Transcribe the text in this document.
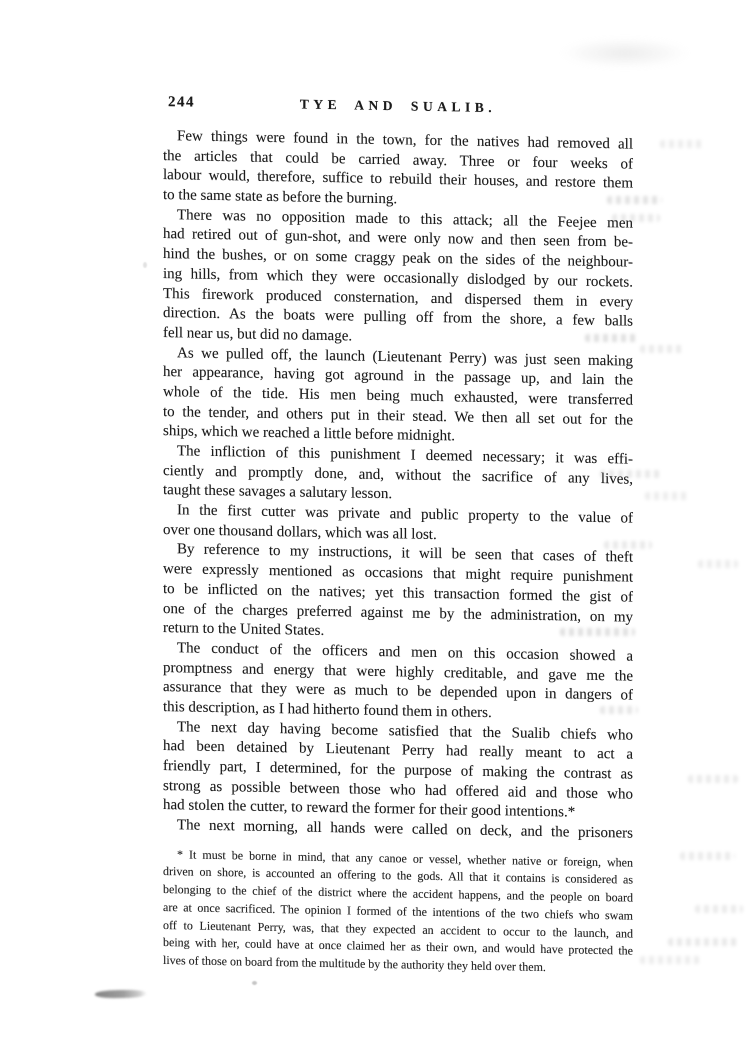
244	TYE AND SUALIB.
Few things were found in the town, for the natives had removed all
the articles that could be carried away. Three or four weeks of
labour would, therefore, suffice to rebuild their houses, and restore them
to the same state as before the burning.
There was no opposition made to this attack; all the Feejee men
had retired out of gun-shot, and were only now and then seen from be-
hind the bushes, or on some craggy peak on the sides of the neighbour-
ing hills, from which they were occasionally dislodged by our rockets.
This firework produced consternation, and dispersed them in every
direction. As the boats were pulling off from the shore, a few balls
fell near us, but did no damage.
As we pulled off, the launch (Lieutenant Perry) was just seen making
her appearance, having got aground in the passage up, and lain the
whole of the tide. His men being much exhausted, were transferred
to the tender, and others put in their stead. We then all set out for the
ships, which we reached a little before midnight.
The infliction of this punishment I deemed necessary; it was effi-
ciently and promptly done, and, without the sacrifice of any lives,
taught these savages a salutary lesson.
In the first cutter was private and public property to the value of
over one thousand dollars, which was all lost.
By reference to my instructions, it will be seen that cases of theft
were expressly mentioned as occasions that might require punishment
to be inflicted on the natives; yet this transaction formed the gist of
one of the charges preferred against me by the administration, on my
return to the United States.
The conduct of the officers and men on this occasion showed a
promptness and energy that were highly creditable, and gave me the
assurance that they were as much to be depended upon in dangers of
this description, as I had hitherto found them in others.
The next day having become satisfied that the Sualib chiefs who
had been detained by Lieutenant Perry had really meant to act a
friendly part, I determined, for the purpose of making the contrast as
strong as possible between those who had offered aid and those who
had stolen the cutter, to reward the former for their good intentions.*
The next morning, all hands were called on deck, and the prisoners
* It must be borne in mind, that any canoe or vessel, whether native or foreign, when
driven on shore, is accounted an offering to the gods. All that it contains is considered as
belonging to the chief of the district where the accident happens, and the people on board
are at once sacrificed. The opinion I formed of the intentions of the two chiefs who swam
off to Lieutenant Perry, was, that they expected an accident to occur to the launch, and
being with her, could have at once claimed her as their own, and would have protected the
lives of those on board from the multitude by the authority they held over them.
